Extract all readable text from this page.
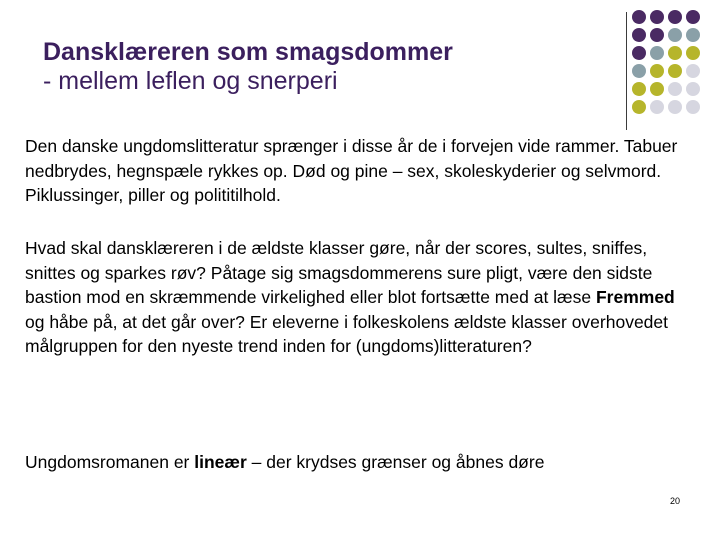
Dansklæreren som smagsdommer
- mellem leflen og snerperi
Den danske ungdomslitteratur sprænger i disse år de i forvejen vide rammer. Tabuer nedbrydes, hegnspæle rykkes op. Død og pine – sex, skoleskyderier og selvmord. Piklussinger, piller og polititilhold.
Hvad skal dansklæreren i de ældste klasser gøre, når der scores, sultes, sniffes, snittes og sparkes røv? Påtage sig smagsdommerens sure pligt, være den sidste bastion mod en skræmmende virkelighed eller blot fortsætte med at læse Fremmed og håbe på, at det går over? Er eleverne i folkeskolens ældste klasser overhovedet målgruppen for den nyeste trend inden for (ungdoms)litteraturen?
Ungdomsromanen er lineær – der krydses grænser og åbnes døre
20
